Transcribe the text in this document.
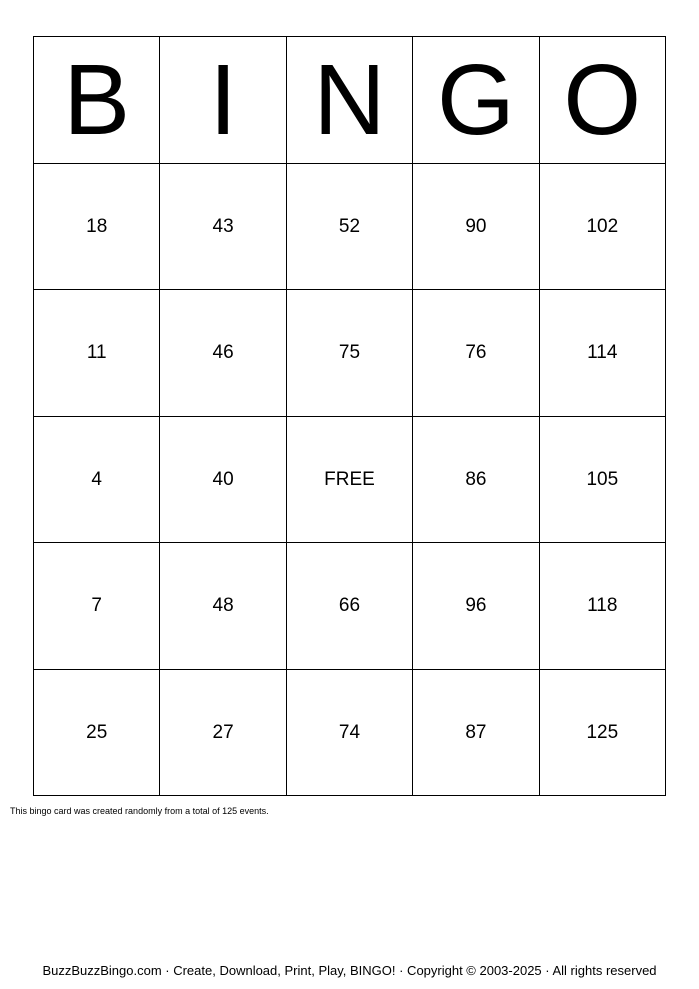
B I N G O
18	43	52	90	102
11	46	75	76	114
4	40	FREE	86	105
7	48	66	96	118
25	27	74	87	125
This bingo card was created randomly from a total of 125 events.
BuzzBuzzBingo.com · Create, Download, Print, Play, BINGO! · Copyright © 2003-2025 · All rights reserved
